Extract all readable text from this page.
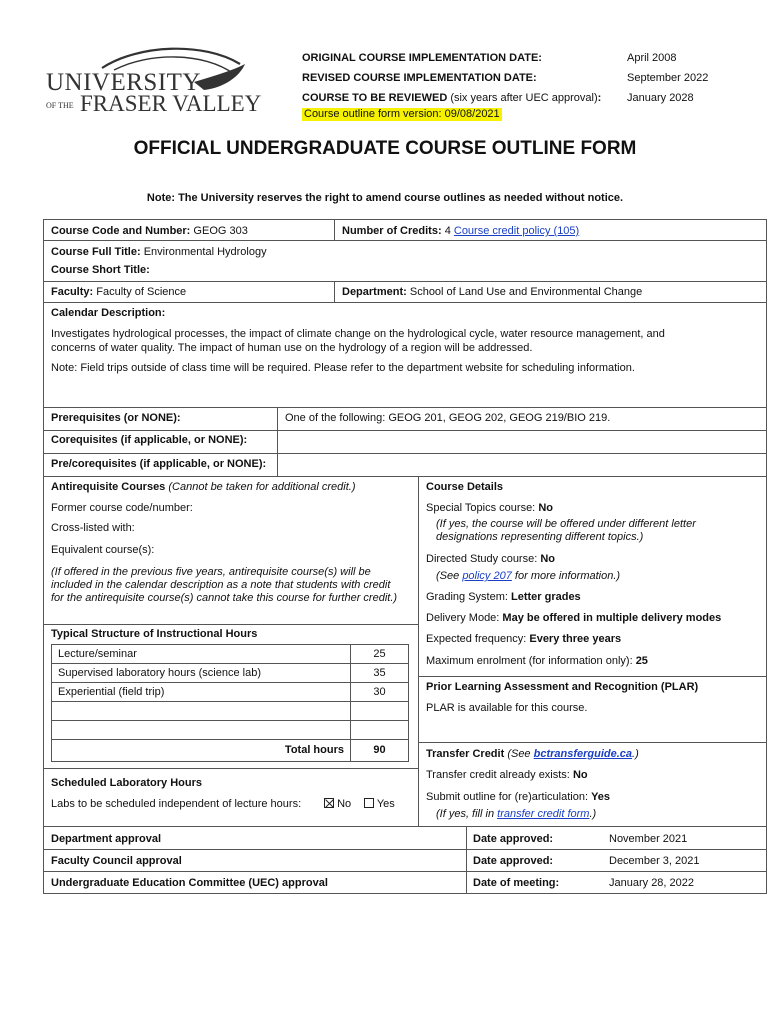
UNIVERSITY
OF THE FRASER VALLEY
ORIGINAL COURSE IMPLEMENTATION DATE:	April 2008
REVISED COURSE IMPLEMENTATION DATE:	September 2022
COURSE TO BE REVIEWED (six years after UEC approval): January 2028
Course outline form version: 09/08/2021
OFFICIAL UNDERGRADUATE COURSE OUTLINE FORM
Note: The University reserves the right to amend course outlines as needed without notice.
Course Code and Number: GEOG 303	Number of Credits: 4 Course credit policy (105)
Course Full Title: Environmental Hydrology
Course Short Title:
Faculty: Faculty of Science	Department: School of Land Use and Environmental Change
Calendar Description:
Investigates hydrological processes, the impact of climate change on the hydrological cycle, water resource management, and
concerns of water quality. The impact of human use on the hydrology of a region will be addressed.
Note: Field trips outside of class time will be required. Please refer to the department website for scheduling information.
Prerequisites (or NONE):	One of the following: GEOG 201, GEOG 202, GEOG 219/BIO 219.
Corequisites (if applicable, or NONE):
Pre/corequisites (if applicable, or NONE):
Antirequisite Courses (Cannot be taken for additional credit.)
Former course code/number:
Cross-listed with:
Equivalent course(s):
(If offered in the previous five years, antirequisite course(s) will be
included in the calendar description as a note that students with credit
for the antirequisite course(s) cannot take this course for further credit.)
Typical Structure of Instructional Hours
Lecture/seminar	25
Supervised laboratory hours (science lab)	35
Experiential (field trip)	30
Total hours	90
Scheduled Laboratory Hours
Labs to be scheduled independent of lecture hours:	No	Yes
Course Details
Special Topics course: No
(If yes, the course will be offered under different letter
designations representing different topics.)
Directed Study course: No
(See policy 207 for more information.)
Grading System: Letter grades
Delivery Mode: May be offered in multiple delivery modes
Expected frequency: Every three years
Maximum enrolment (for information only): 25
Prior Learning Assessment and Recognition (PLAR)
PLAR is available for this course.
Transfer Credit (See bctransferguide.ca.)
Transfer credit already exists: No
Submit outline for (re)articulation: Yes
(If yes, fill in transfer credit form.)
Department approval	Date approved:	November 2021
Faculty Council approval	Date approved:	December 3, 2021
Undergraduate Education Committee (UEC) approval	Date of meeting:	January 28, 2022
